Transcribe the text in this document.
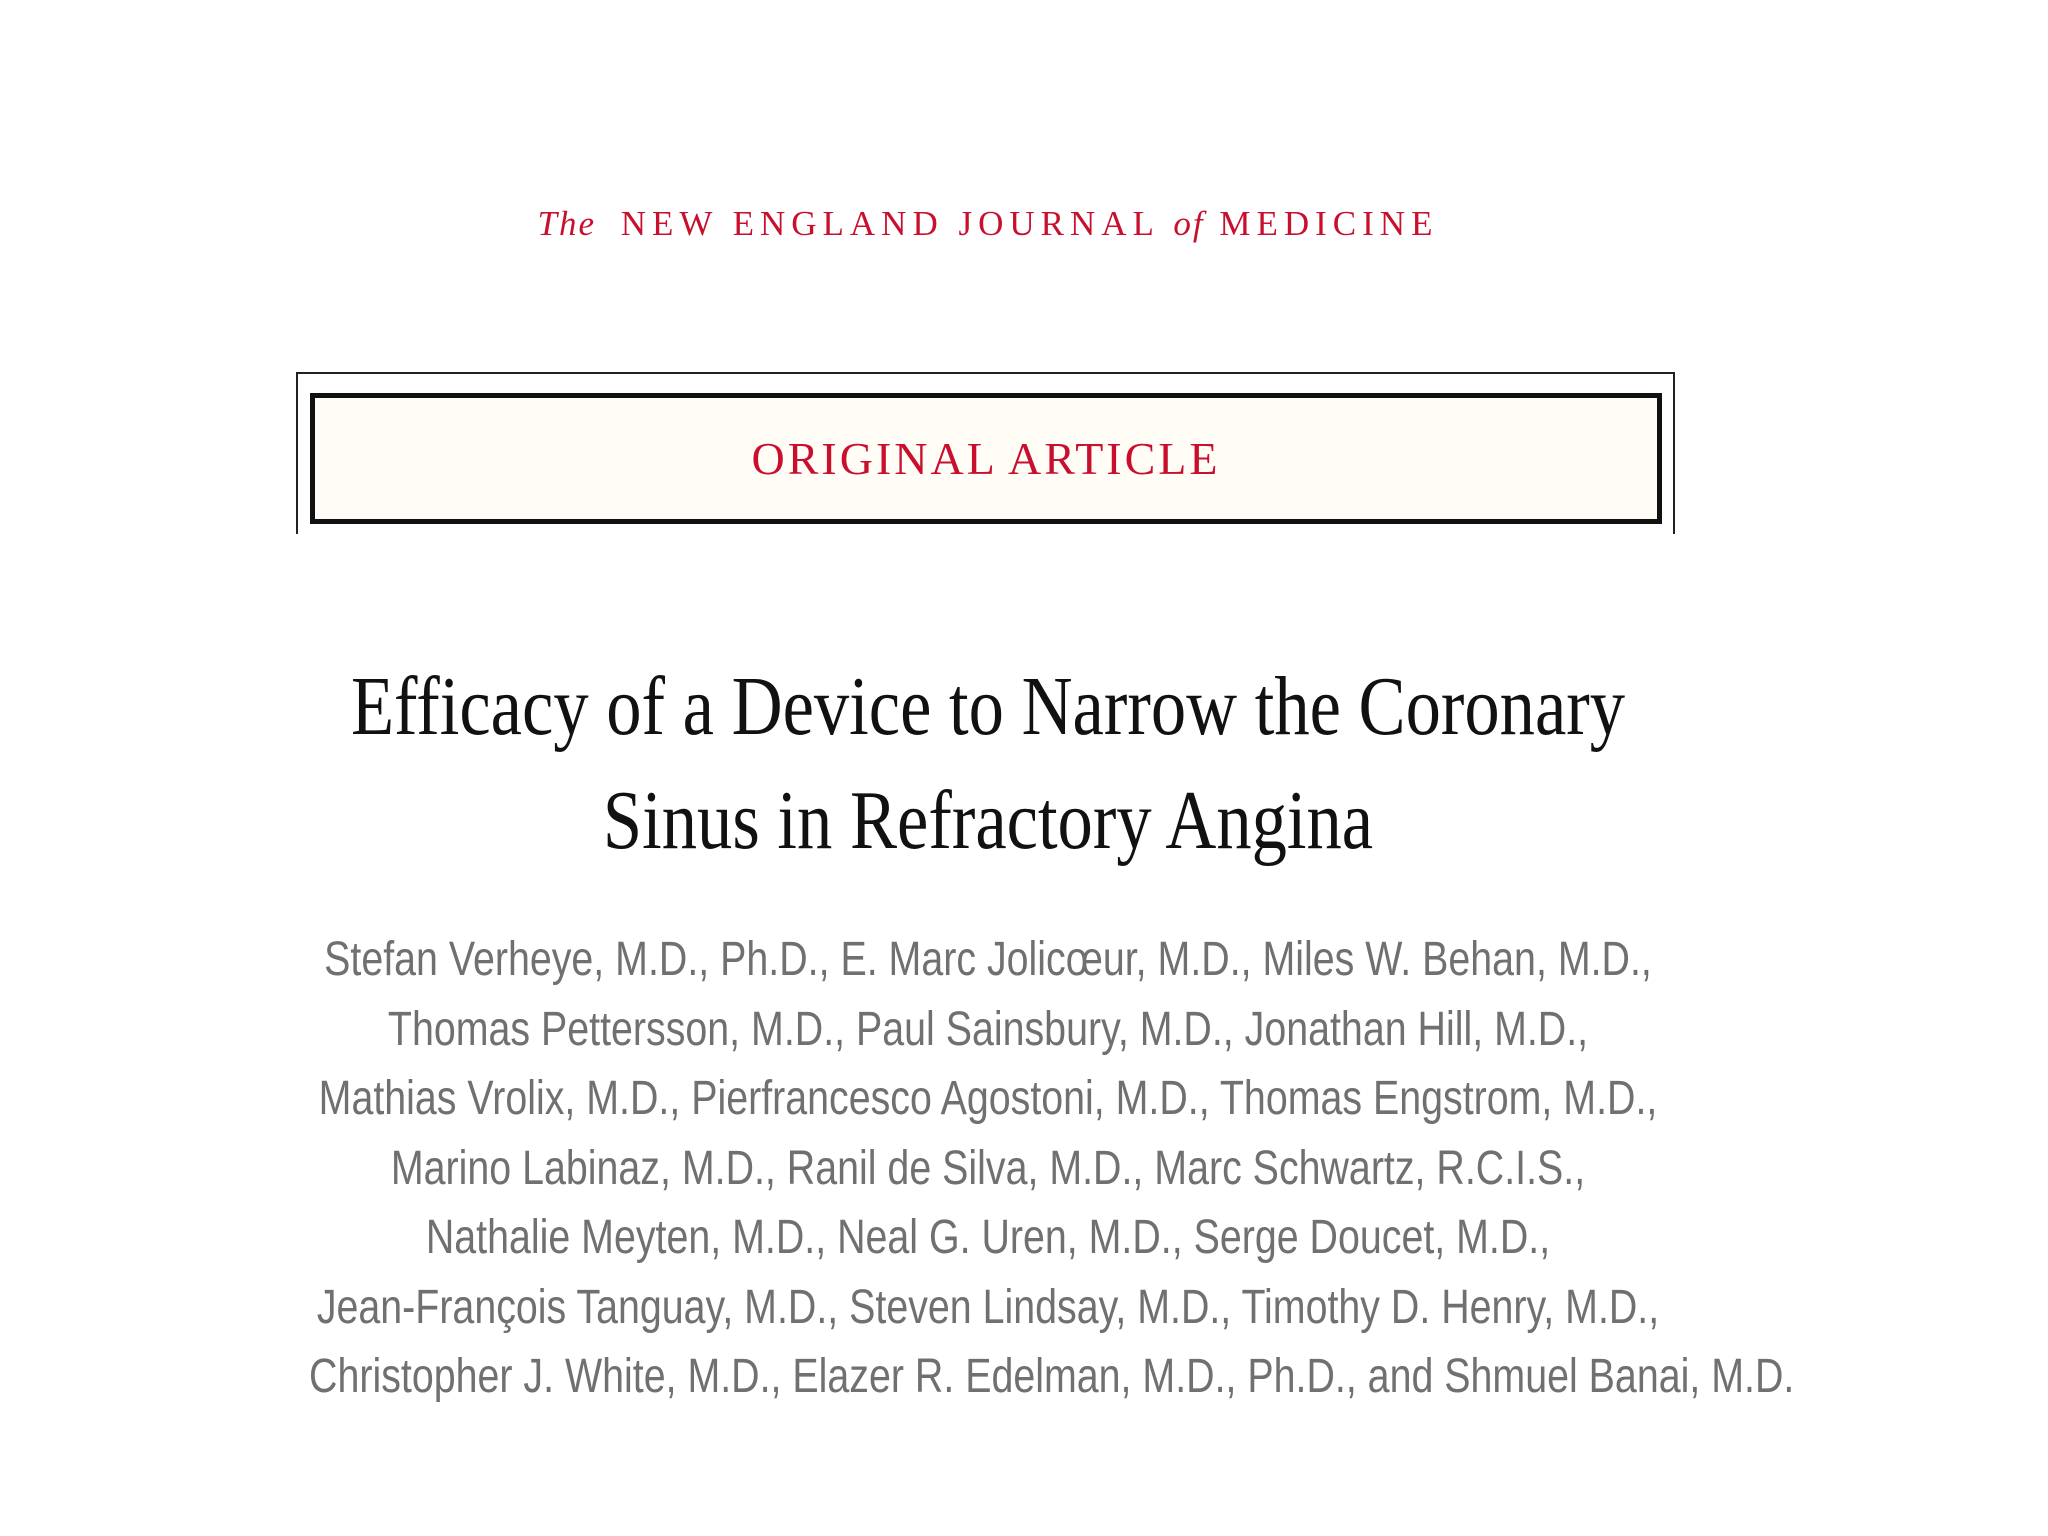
The NEW ENGLAND JOURNAL of MEDICINE
ORIGINAL ARTICLE
Efficacy of a Device to Narrow the Coronary
Sinus in Refractory Angina
Stefan Verheye, M.D., Ph.D., E. Marc Jolicœur, M.D., Miles W. Behan, M.D.,
Thomas Pettersson, M.D., Paul Sainsbury, M.D., Jonathan Hill, M.D.,
Mathias Vrolix, M.D., Pierfrancesco Agostoni, M.D., Thomas Engstrom, M.D.,
Marino Labinaz, M.D., Ranil de Silva, M.D., Marc Schwartz, R.C.I.S.,
Nathalie Meyten, M.D., Neal G. Uren, M.D., Serge Doucet, M.D.,
Jean-François Tanguay, M.D., Steven Lindsay, M.D., Timothy D. Henry, M.D.,
Christopher J. White, M.D., Elazer R. Edelman, M.D., Ph.D., and Shmuel Banai, M.D.
